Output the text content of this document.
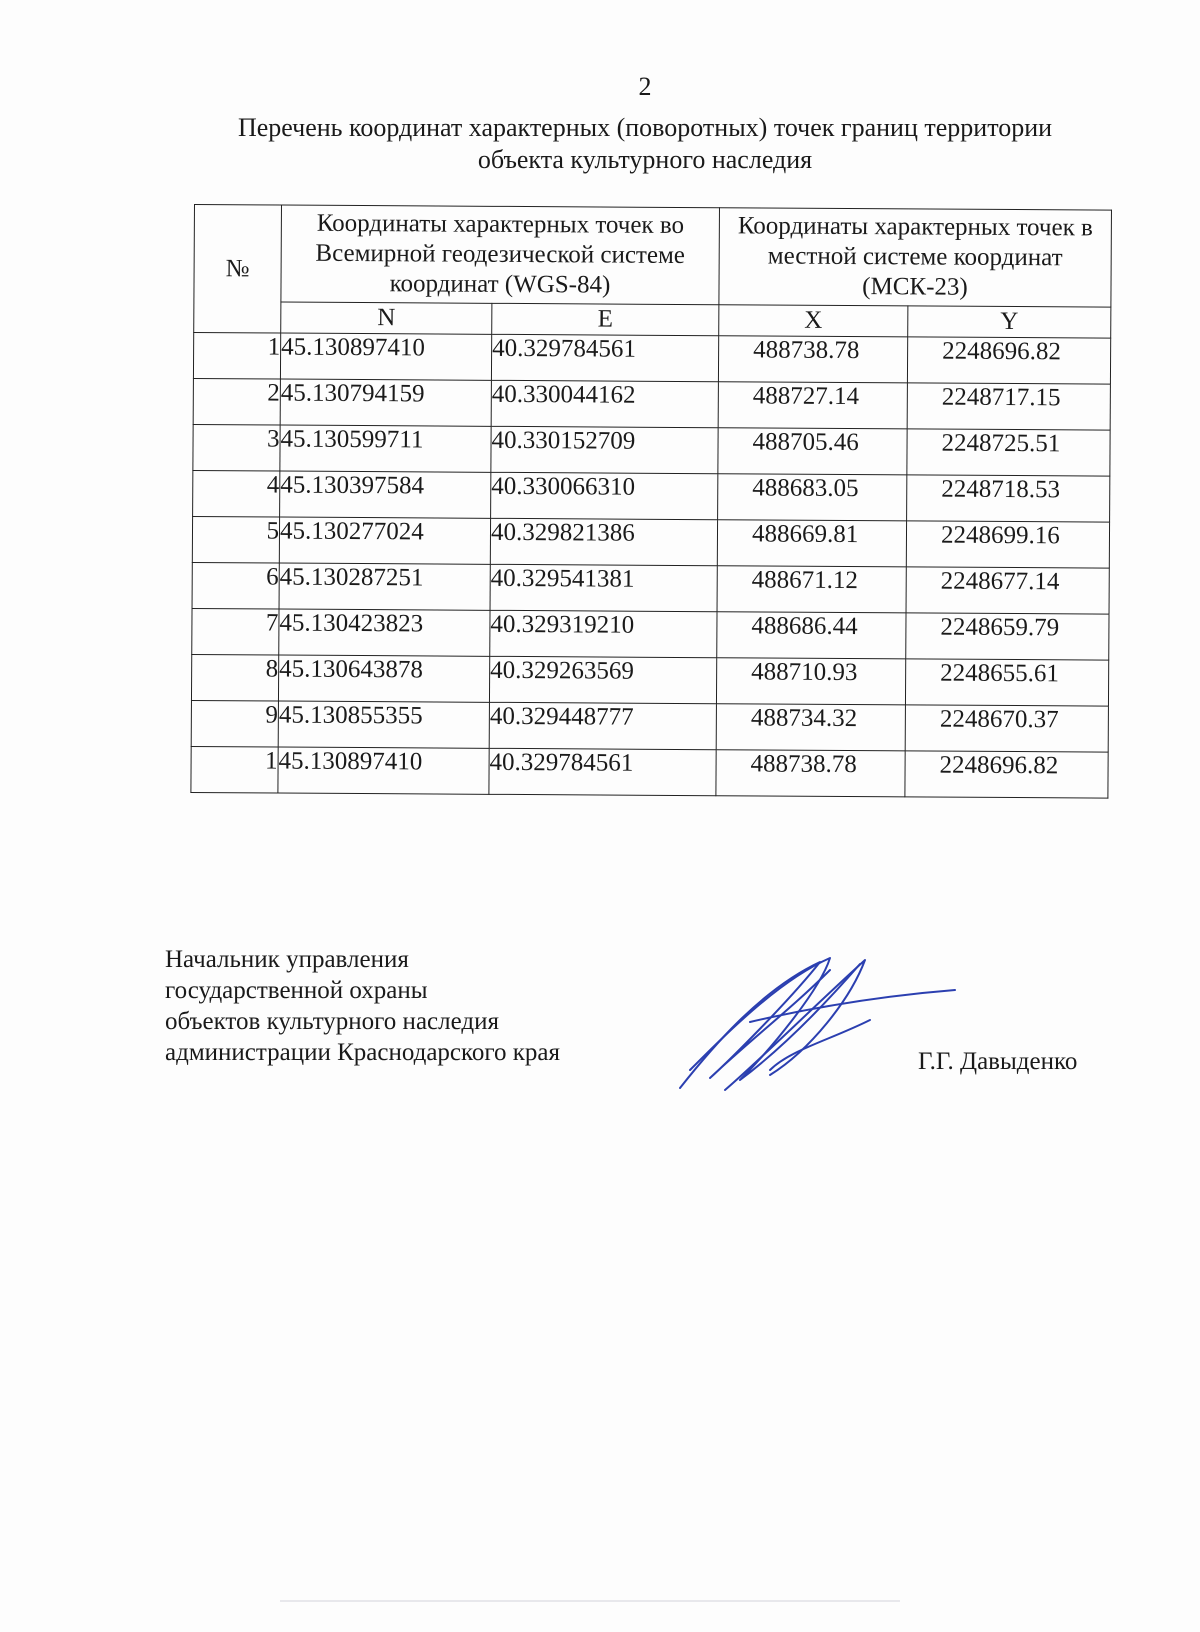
2
Перечень координат характерных (поворотных) точек границ территории
объекта культурного наследия
№	Координаты характерных точек во Всемирной геодезической системе координат (WGS-84)		Координаты характерных точек в местной системе координат (МСК-23)	
	N	E	X	Y
1	45.130897410	40.329784561	488738.78	2248696.82
2	45.130794159	40.330044162	488727.14	2248717.15
3	45.130599711	40.330152709	488705.46	2248725.51
4	45.130397584	40.330066310	488683.05	2248718.53
5	45.130277024	40.329821386	488669.81	2248699.16
6	45.130287251	40.329541381	488671.12	2248677.14
7	45.130423823	40.329319210	488686.44	2248659.79
8	45.130643878	40.329263569	488710.93	2248655.61
9	45.130855355	40.329448777	488734.32	2248670.37
1	45.130897410	40.329784561	488738.78	2248696.82
Начальник управления
государственной охраны
объектов культурного наследия
администрации Краснодарского края	Г.Г. Давыденко
